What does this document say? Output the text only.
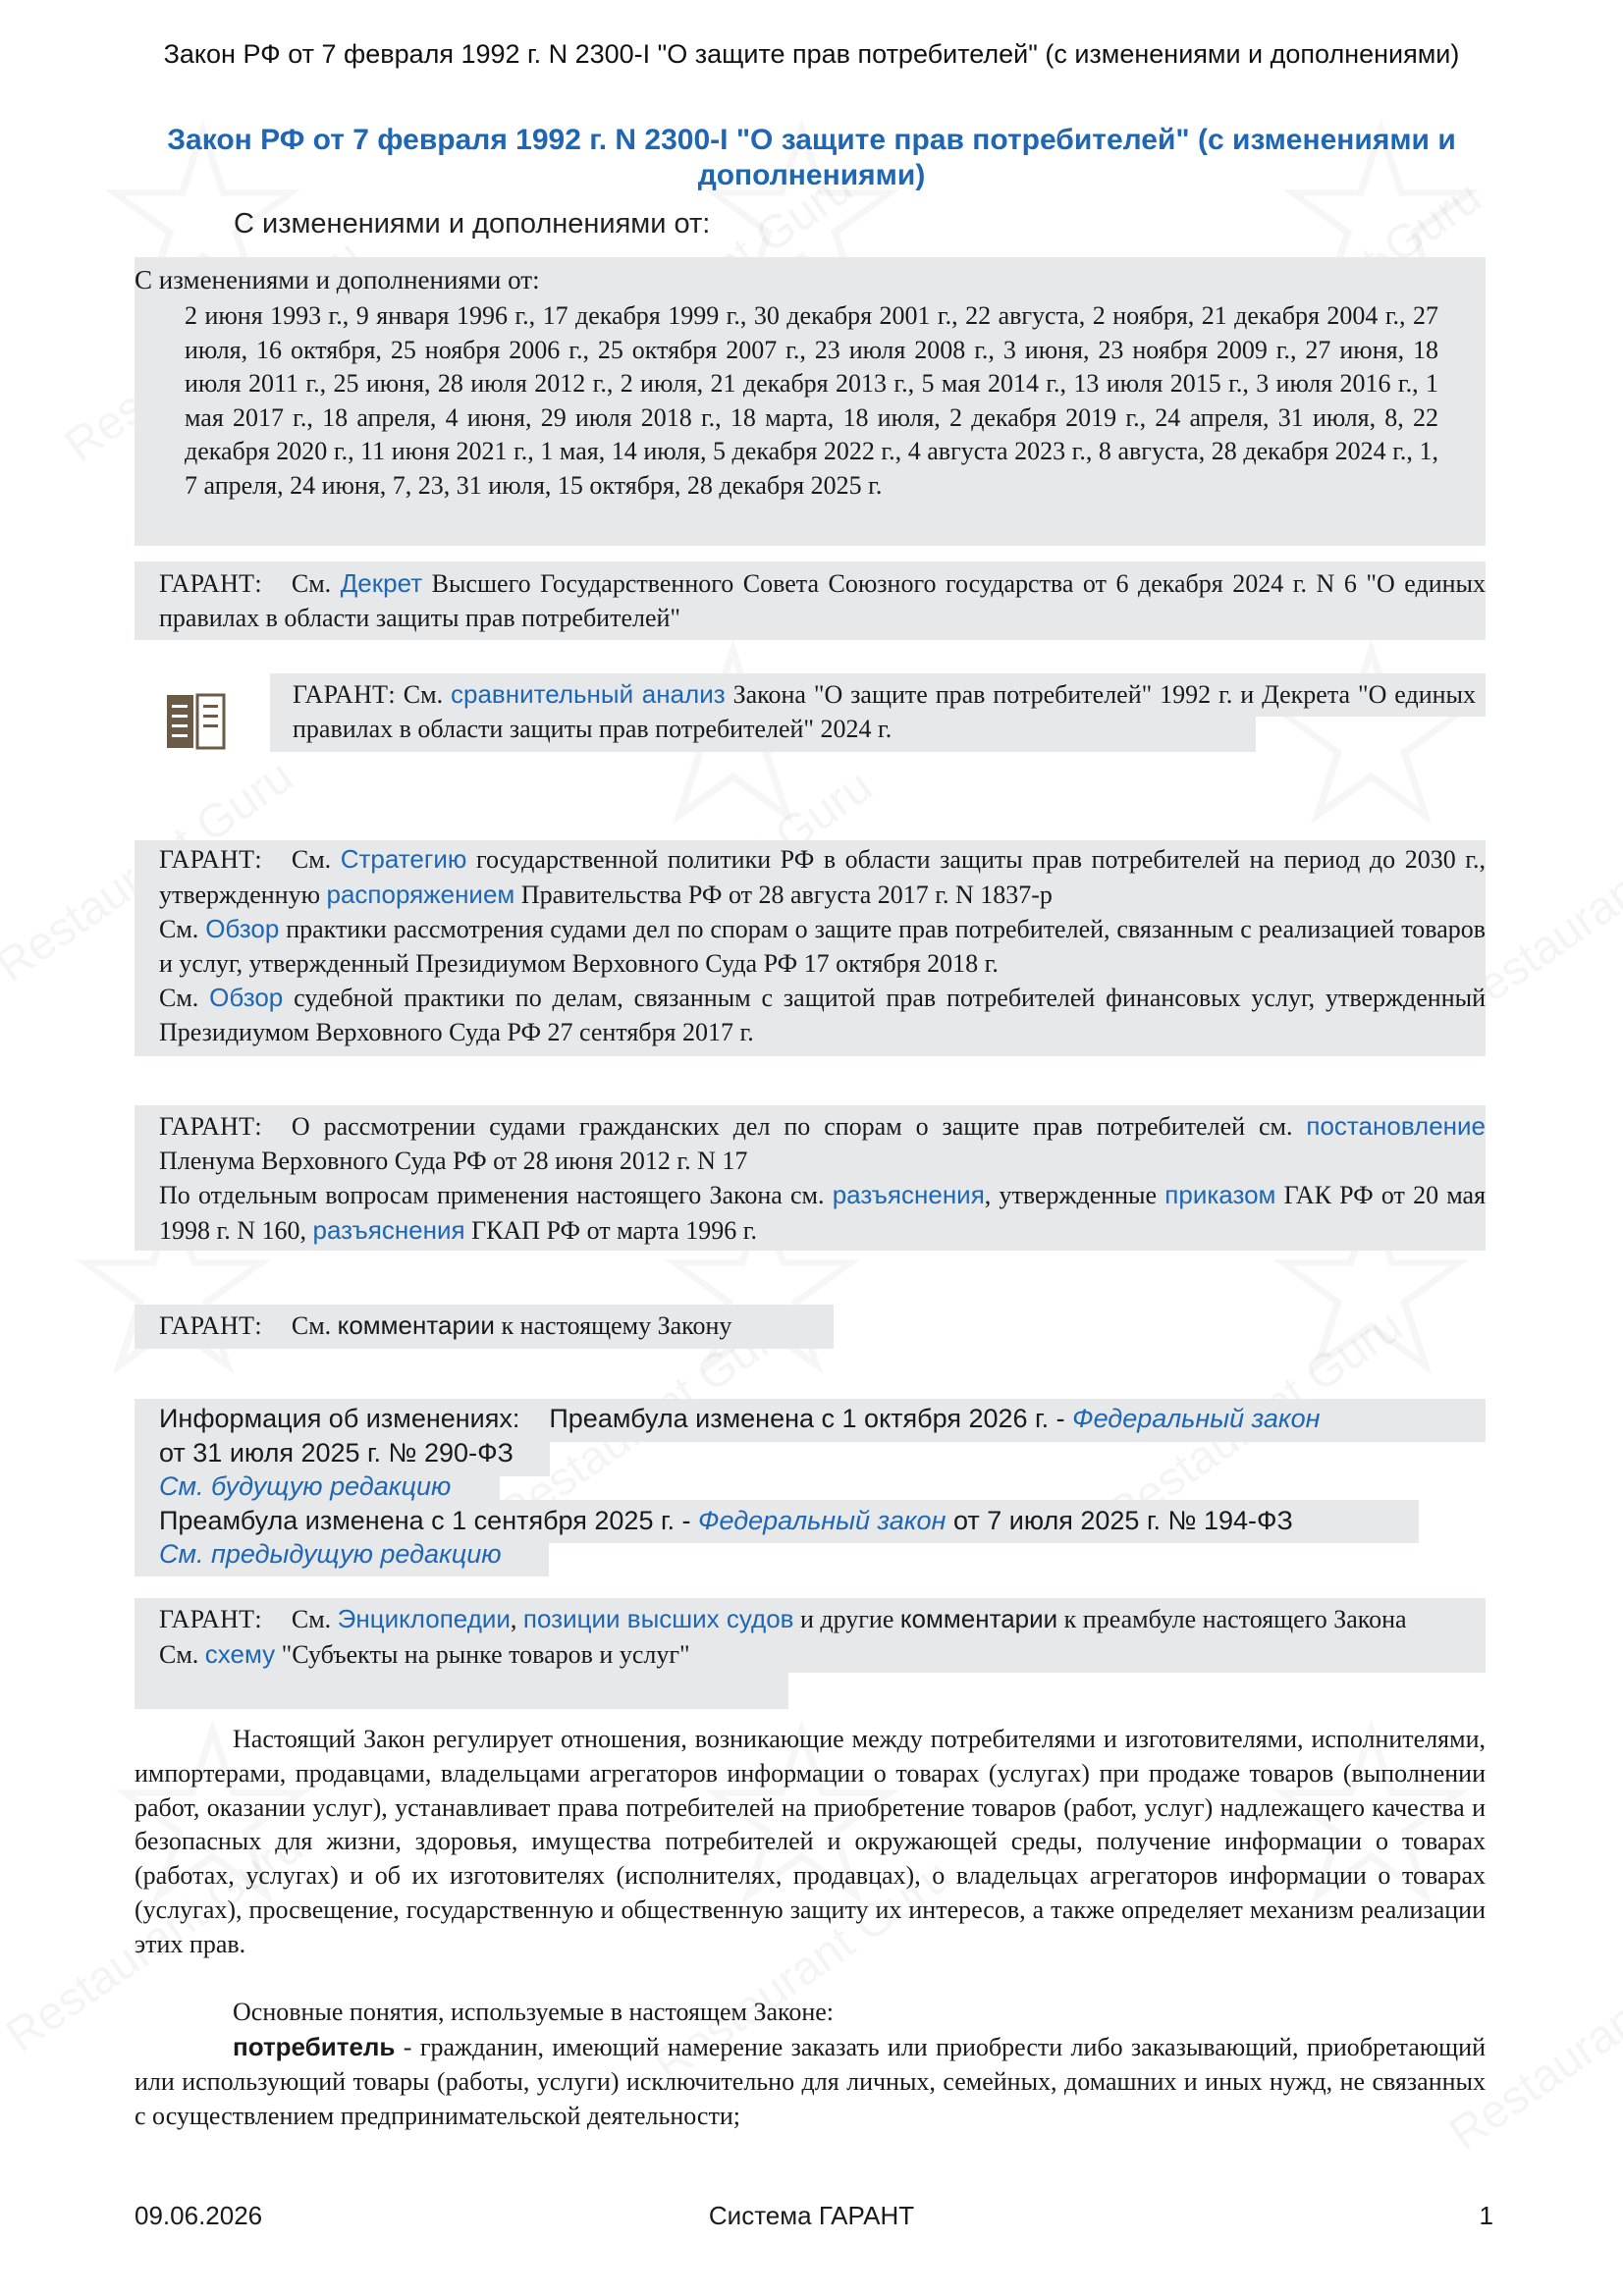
Закон РФ от 7 февраля 1992 г. N 2300-I "О защите прав потребителей" (с изменениями и дополнениями)
Закон РФ от 7 февраля 1992 г. N 2300-I "О защите прав потребителей" (с изменениями и дополнениями)
С изменениями и дополнениями от:
С изменениями и дополнениями от:
2 июня 1993 г., 9 января 1996 г., 17 декабря 1999 г., 30 декабря 2001 г., 22 августа, 2 ноября, 21 декабря 2004 г., 27 июля, 16 октября, 25 ноября 2006 г., 25 октября 2007 г., 23 июля 2008 г., 3 июня, 23 ноября 2009 г., 27 июня, 18 июля 2011 г., 25 июня, 28 июля 2012 г., 2 июля, 21 декабря 2013 г., 5 мая 2014 г., 13 июля 2015 г., 3 июля 2016 г., 1 мая 2017 г., 18 апреля, 4 июня, 29 июля 2018 г., 18 марта, 18 июля, 2 декабря 2019 г., 24 апреля, 31 июля, 8, 22 декабря 2020 г., 11 июня 2021 г., 1 мая, 14 июля, 5 декабря 2022 г., 4 августа 2023 г., 8 августа, 28 декабря 2024 г., 1, 7 апреля, 24 июня, 7, 23, 31 июля, 15 октября, 28 декабря 2025 г.
ГАРАНТ: См. Декрет Высшего Государственного Совета Союзного государства от 6 декабря 2024 г. N 6 "О единых правилах в области защиты прав потребителей"
ГАРАНТ: См. сравнительный анализ Закона "О защите прав потребителей" 1992 г. и Декрета "О единых правилах в области защиты прав потребителей" 2024 г.
ГАРАНТ: См. Стратегию государственной политики РФ в области защиты прав потребителей на период до 2030 г., утвержденную распоряжением Правительства РФ от 28 августа 2017 г. N 1837-р
См. Обзор практики рассмотрения судами дел по спорам о защите прав потребителей, связанным с реализацией товаров и услуг, утвержденный Президиумом Верховного Суда РФ 17 октября 2018 г.
См. Обзор судебной практики по делам, связанным с защитой прав потребителей финансовых услуг, утвержденный Президиумом Верховного Суда РФ 27 сентября 2017 г.
ГАРАНТ: О рассмотрении судами гражданских дел по спорам о защите прав потребителей см. постановление Пленума Верховного Суда РФ от 28 июня 2012 г. N 17
По отдельным вопросам применения настоящего Закона см. разъяснения, утвержденные приказом ГАК РФ от 20 мая 1998 г. N 160, разъяснения ГКАП РФ от марта 1996 г.
ГАРАНТ: См. комментарии к настоящему Закону
Информация об изменениях: Преамбула изменена с 1 октября 2026 г. - Федеральный закон
от 31 июля 2025 г. № 290-ФЗ
См. будущую редакцию
Преамбула изменена с 1 сентября 2025 г. - Федеральный закон от 7 июля 2025 г. № 194-ФЗ
См. предыдущую редакцию
ГАРАНТ: См. Энциклопедии, позиции высших судов и другие комментарии к преамбуле настоящего Закона
См. схему "Субъекты на рынке товаров и услуг"
Настоящий Закон регулирует отношения, возникающие между потребителями и изготовителями, исполнителями, импортерами, продавцами, владельцами агрегаторов информации о товарах (услугах) при продаже товаров (выполнении работ, оказании услуг), устанавливает права потребителей на приобретение товаров (работ, услуг) надлежащего качества и безопасных для жизни, здоровья, имущества потребителей и окружающей среды, получение информации о товарах (работах, услугах) и об их изготовителях (исполнителях, продавцах), о владельцах агрегаторов информации о товарах (услугах), просвещение, государственную и общественную защиту их интересов, а также определяет механизм реализации этих прав.
Основные понятия, используемые в настоящем Законе:
потребитель - гражданин, имеющий намерение заказать или приобрести либо заказывающий, приобретающий или использующий товары (работы, услуги) исключительно для личных, семейных, домашних и иных нужд, не связанных с осуществлением предпринимательской деятельности;
09.06.2026	Система ГАРАНТ	1
